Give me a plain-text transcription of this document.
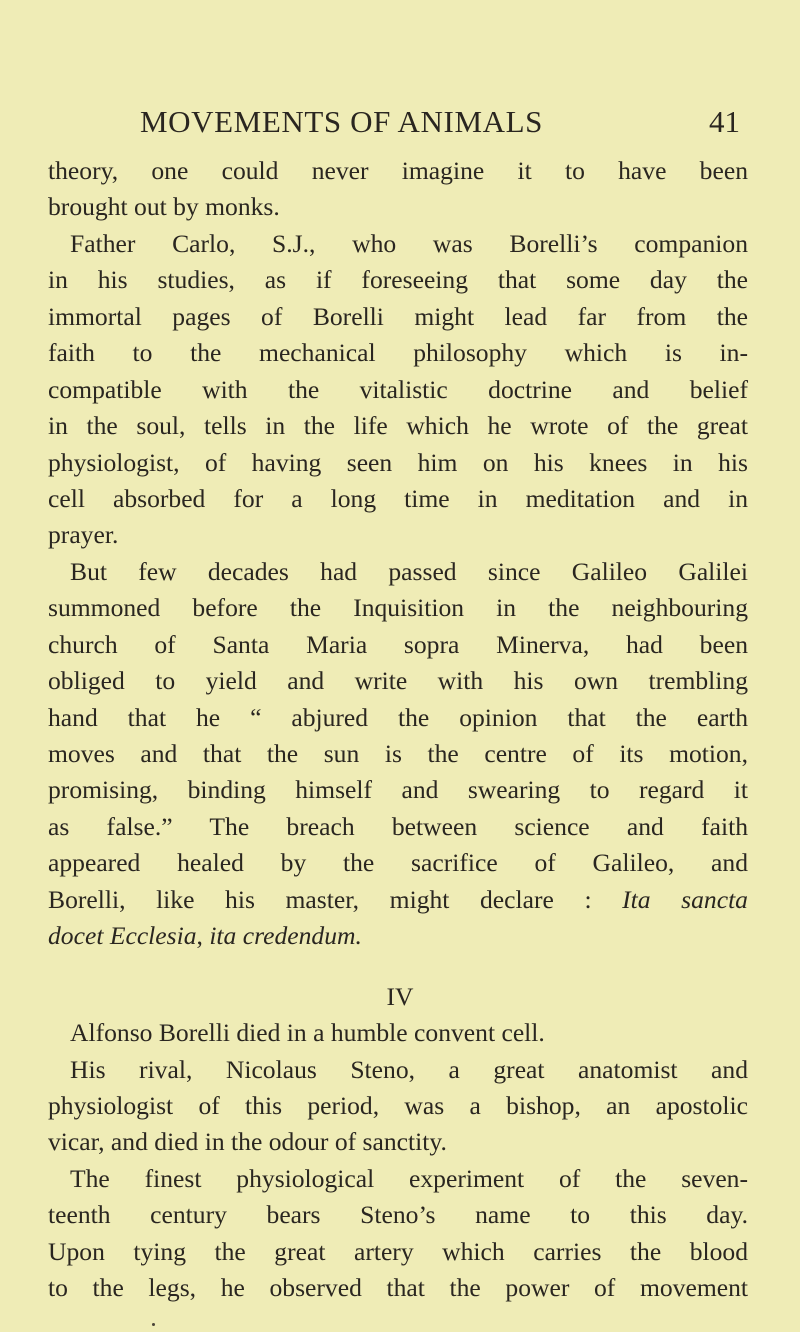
MOVEMENTS OF ANIMALS	41
theory, one could never imagine it to have been
brought out by monks.
Father Carlo, S.J., who was Borelli’s companion
in his studies, as if foreseeing that some day the
immortal pages of Borelli might lead far from the
faith to the mechanical philosophy which is in-
compatible with the vitalistic doctrine and belief
in the soul, tells in the life which he wrote of the great
physiologist, of having seen him on his knees in his
cell absorbed for a long time in meditation and in
prayer.
But few decades had passed since Galileo Galilei
summoned before the Inquisition in the neighbouring
church of Santa Maria sopra Minerva, had been
obliged to yield and write with his own trembling
hand that he “ abjured the opinion that the earth
moves and that the sun is the centre of its motion,
promising, binding himself and swearing to regard it
as false.” The breach between science and faith
appeared healed by the sacrifice of Galileo, and
Borelli, like his master, might declare : Ita sancta
docet Ecclesia, ita credendum.
IV
Alfonso Borelli died in a humble convent cell.
His rival, Nicolaus Steno, a great anatomist and
physiologist of this period, was a bishop, an apostolic
vicar, and died in the odour of sanctity.
The finest physiological experiment of the seven-
teenth century bears Steno’s name to this day.
Upon tying the great artery which carries the blood
to the legs, he observed that the power of movement
